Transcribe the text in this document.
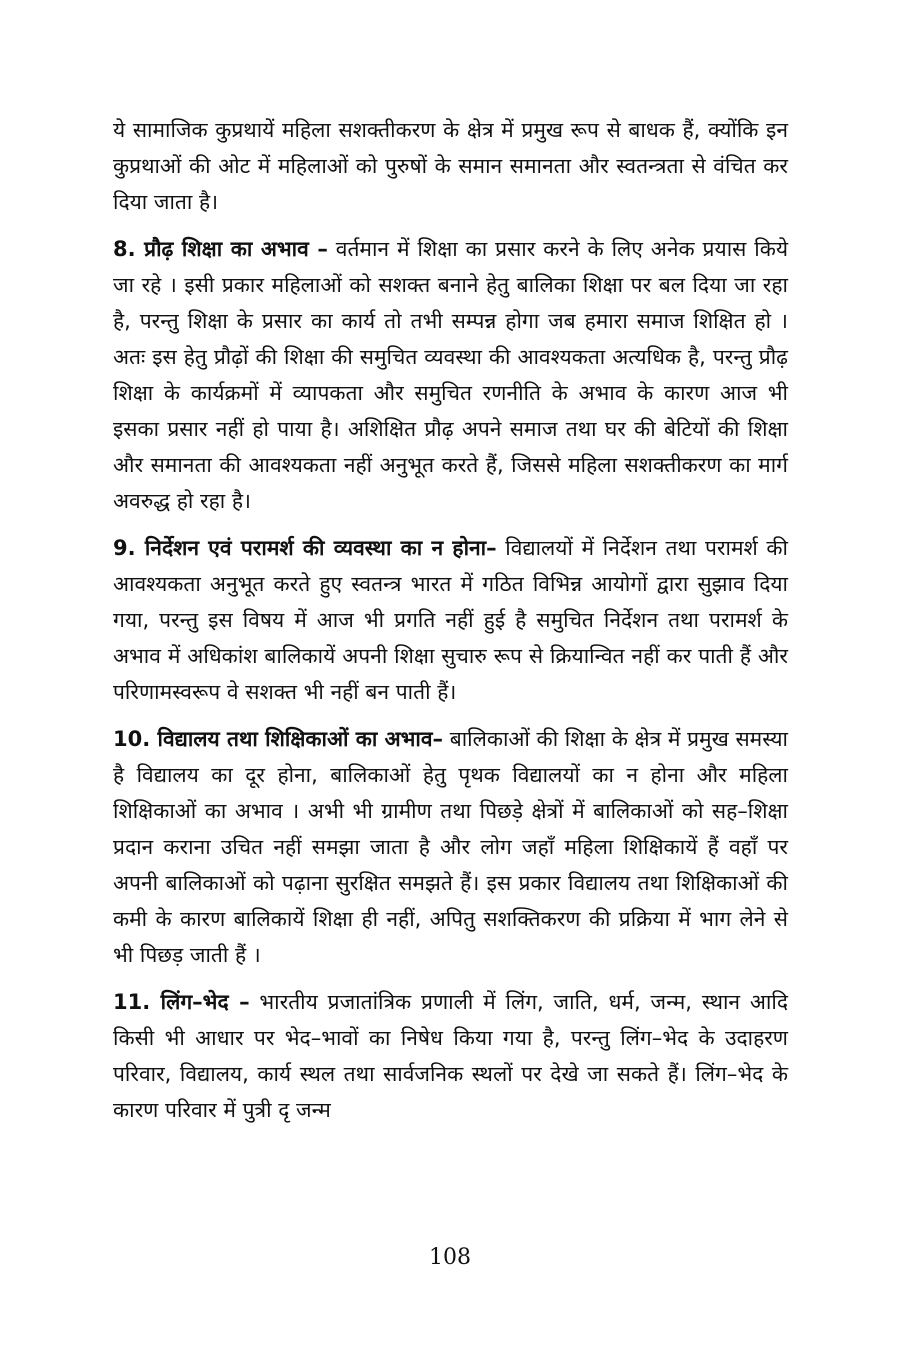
ये सामाजिक कुप्रथायें महिला सशक्तीकरण के क्षेत्र में प्रमुख रूप से बाधक हैं, क्योंकि इन कुप्रथाओं की ओट में महिलाओं को पुरुषों के समान समानता और स्वतन्त्रता से वंचित कर दिया जाता है।

8. प्रौढ़ शिक्षा का अभाव – वर्तमान में शिक्षा का प्रसार करने के लिए अनेक प्रयास किये जा रहे । इसी प्रकार महिलाओं को सशक्त बनाने हेतु बालिका शिक्षा पर बल दिया जा रहा है, परन्तु शिक्षा के प्रसार का कार्य तो तभी सम्पन्न होगा जब हमारा समाज शिक्षित हो । अतः इस हेतु प्रौढ़ों की शिक्षा की समुचित व्यवस्था की आवश्यकता अत्यधिक है, परन्तु प्रौढ़ शिक्षा के कार्यक्रमों में व्यापकता और समुचित रणनीति के अभाव के कारण आज भी इसका प्रसार नहीं हो पाया है। अशिक्षित प्रौढ़ अपने समाज तथा घर की बेटियों की शिक्षा और समानता की आवश्यकता नहीं अनुभूत करते हैं, जिससे महिला सशक्तीकरण का मार्ग अवरुद्ध हो रहा है।

9. निर्देशन एवं परामर्श की व्यवस्था का न होना– विद्यालयों में निर्देशन तथा परामर्श की आवश्यकता अनुभूत करते हुए स्वतन्त्र भारत में गठित विभिन्न आयोगों द्वारा सुझाव दिया गया, परन्तु इस विषय में आज भी प्रगति नहीं हुई है समुचित निर्देशन तथा परामर्श के अभाव में अधिकांश बालिकायें अपनी शिक्षा सुचारु रूप से क्रियान्वित नहीं कर पाती हैं और परिणामस्वरूप वे सशक्त भी नहीं बन पाती हैं।

10. विद्यालय तथा शिक्षिकाओं का अभाव– बालिकाओं की शिक्षा के क्षेत्र में प्रमुख समस्या है विद्यालय का दूर होना, बालिकाओं हेतु पृथक विद्यालयों का न होना और महिला शिक्षिकाओं का अभाव । अभी भी ग्रामीण तथा पिछड़े क्षेत्रों में बालिकाओं को सह–शिक्षा प्रदान कराना उचित नहीं समझा जाता है और लोग जहाँ महिला शिक्षिकायें हैं वहाँ पर अपनी बालिकाओं को पढ़ाना सुरक्षित समझते हैं। इस प्रकार विद्यालय तथा शिक्षिकाओं की कमी के कारण बालिकायें शिक्षा ही नहीं, अपितु सशक्तिकरण की प्रक्रिया में भाग लेने से भी पिछड़ जाती हैं ।

11. लिंग–भेद – भारतीय प्रजातांत्रिक प्रणाली में लिंग, जाति, धर्म, जन्म, स्थान आदि किसी भी आधार पर भेद–भावों का निषेध किया गया है, परन्तु लिंग–भेद के उदाहरण परिवार, विद्यालय, कार्य स्थल तथा सार्वजनिक स्थलों पर देखे जा सकते हैं। लिंग–भेद के कारण परिवार में पुत्री दृ जन्म

108
